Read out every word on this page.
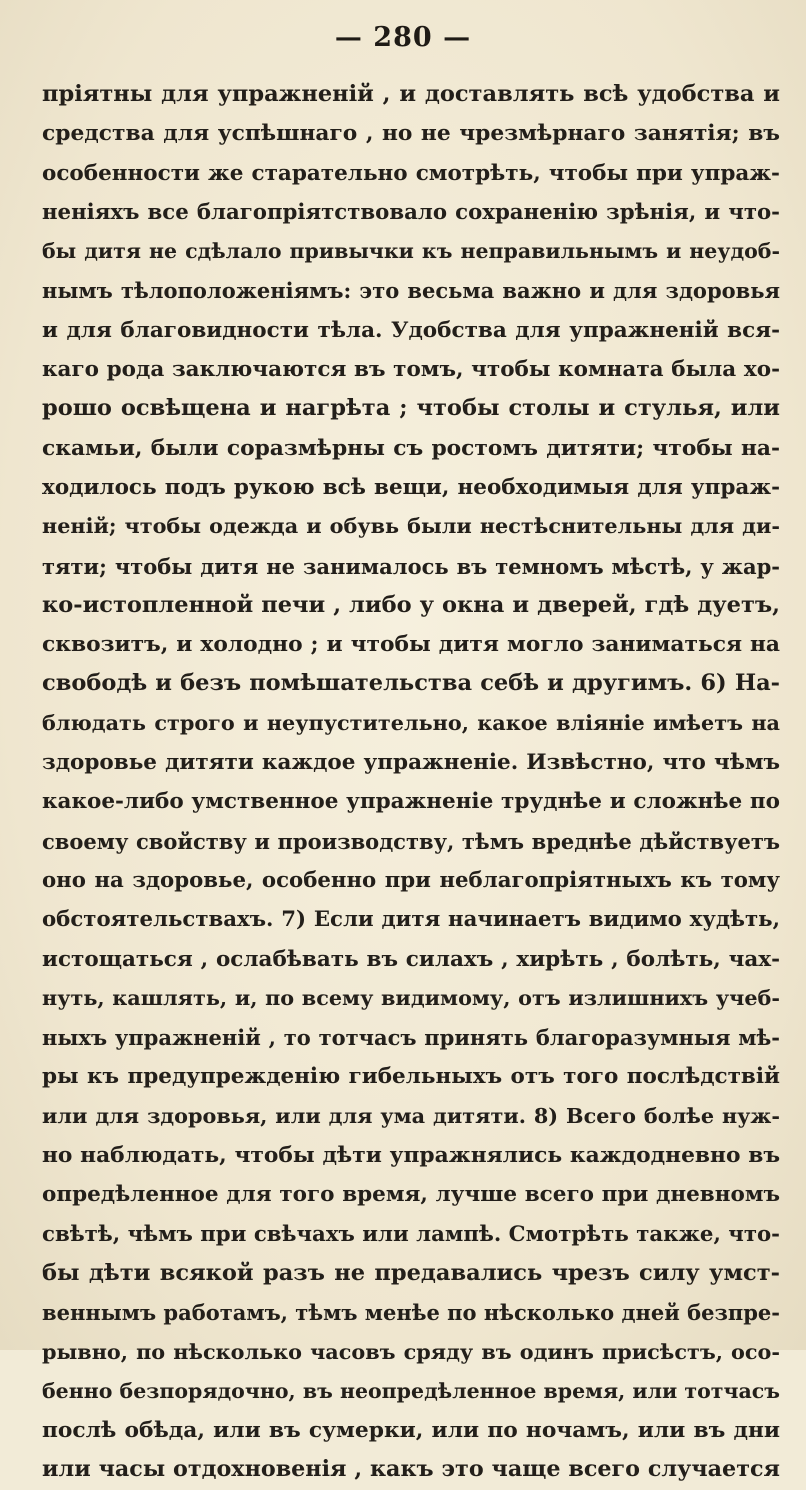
— 280 —
пріятны для упражненій , и доставлять всѣ удобства и
средства для успѣшнаго , но не чрезмѣрнаго занятія; въ
особенности же старательно смотрѣть, чтобы при упраж-
неніяхъ все благопріятствовало сохраненію зрѣнія, и что-
бы дитя не сдѣлало привычки къ неправильнымъ и неудоб-
нымъ тѣлоположеніямъ: это весьма важно и для здоровья
и для благовидности тѣла. Удобства для упражненій вся-
каго рода заключаются въ томъ, чтобы комната была хо-
рошо освѣщена и нагрѣта ; чтобы столы и стулья, или
скамьи, были соразмѣрны съ ростомъ дитяти; чтобы на-
ходилось подъ рукою всѣ вещи, необходимыя для упраж-
неній; чтобы одежда и обувь были нестѣснительны для ди-
тяти; чтобы дитя не занималось въ темномъ мѣстѣ, у жар-
ко-истопленной печи , либо у окна и дверей, гдѣ дуетъ,
сквозитъ, и холодно ; и чтобы дитя могло заниматься на
свободѣ и безъ помѣшательства себѣ и другимъ. 6) На-
блюдать строго и неупустительно, какое вліяніе имѣетъ на
здоровье дитяти каждое упражненіе. Извѣстно, что чѣмъ
какое-либо умственное упражненіе труднѣе и сложнѣе по
своему свойству и производству, тѣмъ вреднѣе дѣйствуетъ
оно на здоровье, особенно при неблагопріятныхъ къ тому
обстоятельствахъ. 7) Если дитя начинаетъ видимо худѣть,
истощаться , ослабѣвать въ силахъ , хирѣть , болѣть, чах-
нуть, кашлять, и, по всему видимому, отъ излишнихъ учеб-
ныхъ упражненій , то тотчасъ принять благоразумныя мѣ-
ры къ предупрежденію гибельныхъ отъ того послѣдствій
или для здоровья, или для ума дитяти. 8) Всего болѣе нуж-
но наблюдать, чтобы дѣти упражнялись каждодневно въ
опредѣленное для того время, лучше всего при дневномъ
свѣтѣ, чѣмъ при свѣчахъ или лампѣ. Смотрѣть также, что-
бы дѣти всякой разъ не предавались чрезъ силу умст-
веннымъ работамъ, тѣмъ менѣе по нѣсколько дней безпре-
рывно, по нѣсколько часовъ сряду въ одинъ присѣстъ, осо-
бенно безпорядочно, въ неопредѣленное время, или тотчасъ
послѣ обѣда, или въ сумерки, или по ночамъ, или въ дни
или часы отдохновенія , какъ это чаще всего случается
